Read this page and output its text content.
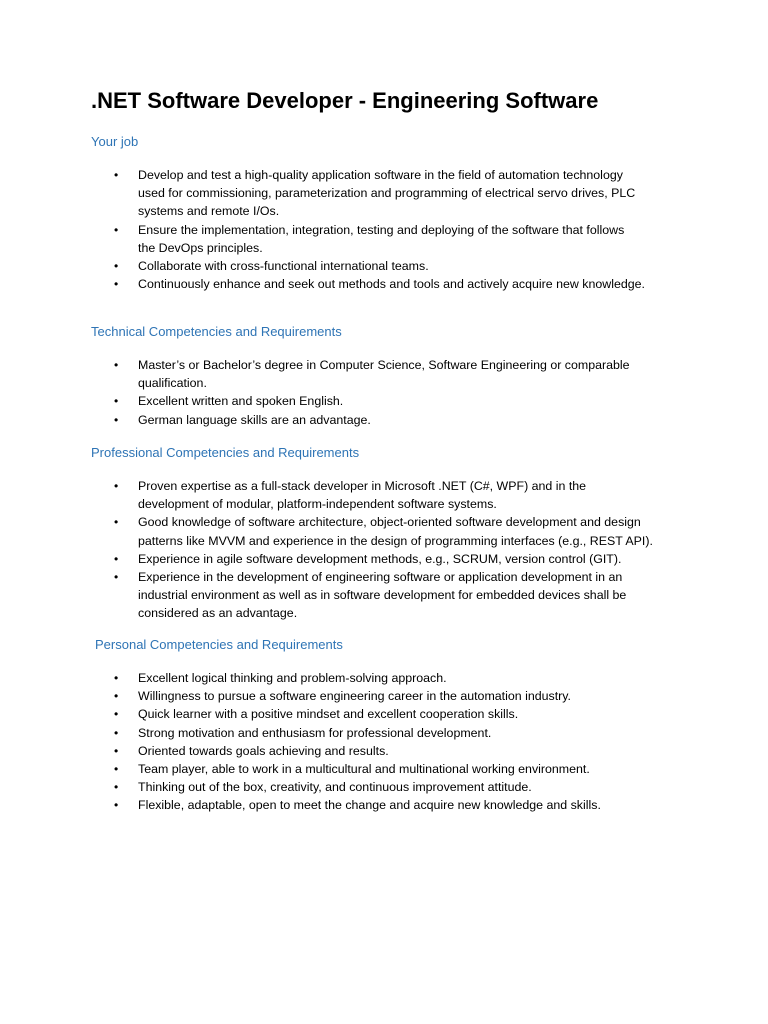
.NET Software Developer - Engineering Software
Your job
• Develop and test a high-quality application software in the field of automation technology
used for commissioning, parameterization and programming of electrical servo drives, PLC
systems and remote I/Os.
• Ensure the implementation, integration, testing and deploying of the software that follows
the DevOps principles.
• Collaborate with cross-functional international teams.
• Continuously enhance and seek out methods and tools and actively acquire new knowledge.
Technical Competencies and Requirements
• Master’s or Bachelor’s degree in Computer Science, Software Engineering or comparable
qualification.
• Excellent written and spoken English.
• German language skills are an advantage.
Professional Competencies and Requirements
• Proven expertise as a full-stack developer in Microsoft .NET (C#, WPF) and in the
development of modular, platform-independent software systems.
• Good knowledge of software architecture, object-oriented software development and design
patterns like MVVM and experience in the design of programming interfaces (e.g., REST API).
• Experience in agile software development methods, e.g., SCRUM, version control (GIT).
• Experience in the development of engineering software or application development in an
industrial environment as well as in software development for embedded devices shall be
considered as an advantage.
Personal Competencies and Requirements
• Excellent logical thinking and problem-solving approach.
• Willingness to pursue a software engineering career in the automation industry.
• Quick learner with a positive mindset and excellent cooperation skills.
• Strong motivation and enthusiasm for professional development.
• Oriented towards goals achieving and results.
• Team player, able to work in a multicultural and multinational working environment.
• Thinking out of the box, creativity, and continuous improvement attitude.
• Flexible, adaptable, open to meet the change and acquire new knowledge and skills.
